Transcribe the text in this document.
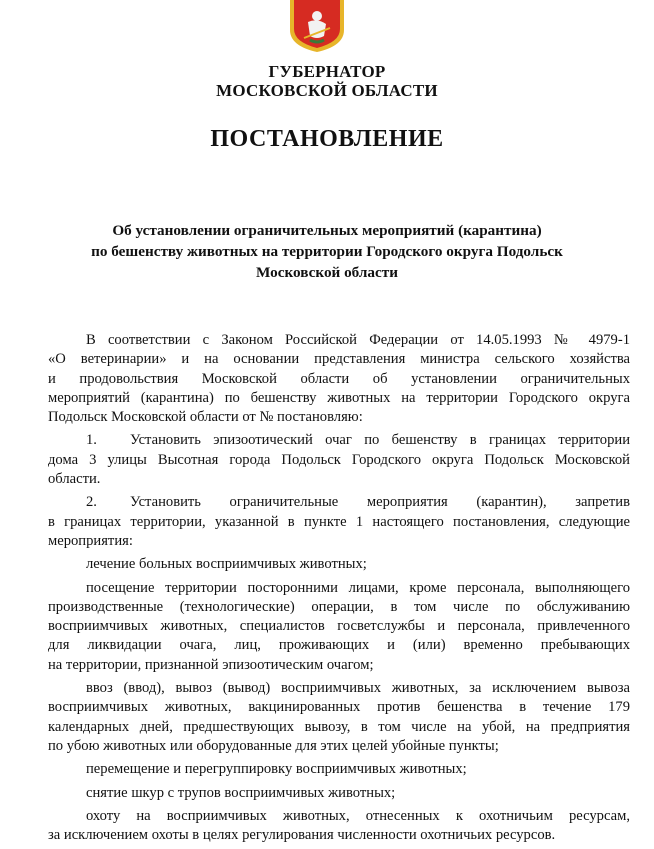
ГУБЕРНАТОР
МОСКОВСКОЙ ОБЛАСТИ
ПОСТАНОВЛЕНИЕ
Об установлении ограничительных мероприятий (карантина)
по бешенству животных на территории Городского округа Подольск
Московской области
В соответствии с Законом Российской Федерации от 14.05.1993 № 4979-1
«О ветеринарии» и на основании представления министра сельского хозяйства
и продовольствия Московской области об установлении ограничительных
мероприятий (карантина) по бешенству животных на территории Городского округа
Подольск Московской области от № постановляю:
1. Установить эпизоотический очаг по бешенству в границах территории
дома 3 улицы Высотная города Подольск Городского округа Подольск Московской
области.
2. Установить ограничительные мероприятия (карантин), запретив
в границах территории, указанной в пункте 1 настоящего постановления, следующие
мероприятия:
лечение больных восприимчивых животных;
посещение территории посторонними лицами, кроме персонала, выполняющего
производственные (технологические) операции, в том числе по обслуживанию
восприимчивых животных, специалистов госветслужбы и персонала, привлеченного
для ликвидации очага, лиц, проживающих и (или) временно пребывающих
на территории, признанной эпизоотическим очагом;
ввоз (ввод), вывоз (вывод) восприимчивых животных, за исключением вывоза
восприимчивых животных, вакцинированных против бешенства в течение 179
календарных дней, предшествующих вывозу, в том числе на убой, на предприятия
по убою животных или оборудованные для этих целей убойные пункты;
перемещение и перегруппировку восприимчивых животных;
снятие шкур с трупов восприимчивых животных;
охоту на восприимчивых животных, отнесенных к охотничьим ресурсам,
за исключением охоты в целях регулирования численности охотничьих ресурсов.
